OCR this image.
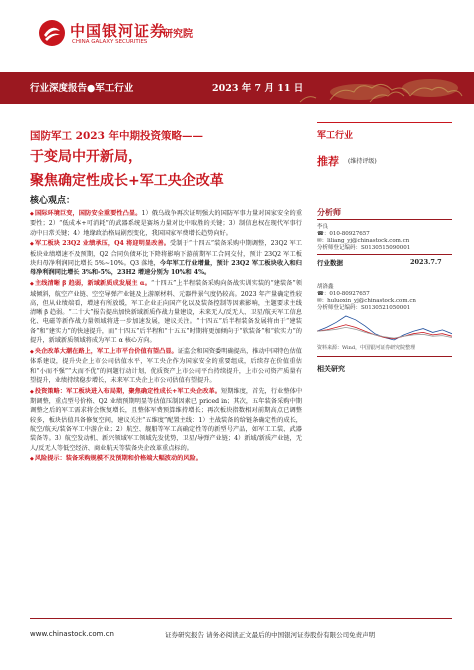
中国银河证券
CHINA GALAXY SECURITIES
研究院
行业深度报告●军工行业	2023 年 7 月 11 日
国防军工 2023 年中期投资策略——
于变局中开新局，
聚焦确定性成长+军工央企改革
核心观点：

◆国际环境巨变，国防安全重要性凸显。1）俄乌战争再次证明强大的国防军事力量对国家安全的重要性；2）“低成本+可消耗”的武器系统是赛场力量对比中取胜的关键；3）制信息权在现代军事行动中日常关键；4）地缘政治格局剧烈变化，我国国家军费增长趋势向好。

◆军工板块 23Q2 业绩承压，Q4 将迎明显改善。受制于“十四五”装备采购中期调整，23Q2 军工板块业绩增速不及预期，Q2 合同负债环比下降将影响下游前期军工合同交付，预计 23Q2 军工板块归母净利润同比增长 5%~10%。Q3 落地，今年军工行业增量，预计 23Q2 军工板块收入和归母净利润同比增长 3%和-5%，23H2 增速分别为 10%和 4%。

◆主线清晰 β 趋弱，新域新质成发展主 α。“十四五”上半程装备采购向备战实训实装的“建装备”领域倾斜，航空产业链、空空导弹产业链及上游原材料、元器件景气度仍较高。2023 年产量确定性较高，但从业绩端看，增速有所放缓，军工企业正向国产化以及装备控制等因素影响，主题要求主线清晰 β 趋弱。“二十大”报告提出加快新域新质作战力量建设，未来无人/反无人、卫星/航天军工信息化、电磁等新作战力量领域将进一步加速发展，建议关注。“十四五”后半程装备发展将由于“建装备”和“建实力”的快速提升，而“十四五”后半程和“十五五”时期将更加倾向于“软装备”和“软实力”的提升，新域新质领域将成为军工 α 核心方向。

◆央企改革大潮在路上，军工上市平台价值有望凸显。证监会和国资委明确提出，推动中国特色估值体系建设，提升央企上市公司估值水平，军工央企作为国家安全的重要组成，后续存在价值重估和“小而不强”“大而不优”的问题行动计划，优质资产上市公司平台持续提升，上市公司资产质量有望提升，业绩持续稳步增长，未来军工央企上市公司估值有望提升。

◆投资策略：军工板块进入布局期，聚焦确定性成长+军工央企改革。短期维度，首先，行业整体中期调整，重点型号价格、Q2 业绩预期明显等估值压制因素已 priced in；其次，五年装备采购中期调整之后的军工需求将会恢复增长，且整体军费预算维持增长；再次板块指数相对前期高点已调整较多，板块估值具备修复空间，建议关注“五维度”配置主线：1）主战装备的给链条确定性的成长，航空/航天/装备军工中游企业；2）航空、舰船等军工高确定性等的新型号产品，如军工工装、武器装备等。3）航空发动机、新兴领域军工领域先发优势，卫星/导弹产业链；4）新域/新质产业链，无人/反无人等低空经济、商业航天等装备央企改革重点标的。

◆风险提示：装备采购规模不及预期和价格端大幅波动的风险。

军工行业
推荐 (维持评级)
分析师
李良
☎：010-80927657
✉：liliang_yj@chinastock.com.cn
分析师登记编码：S0130515090001
胡洛鑫
☎：010-80927657
✉：huluoxin_yj@chinastock.com.cn
分析师登记编码：S0130521050001
行业数据	2023.7.7
资料来源：Wind，中国银河证券研究院整理
相关研究
www.chinastock.com.cn	证券研究报告 请务必阅读正文最后的中国银河证券股份有限公司免责声明
